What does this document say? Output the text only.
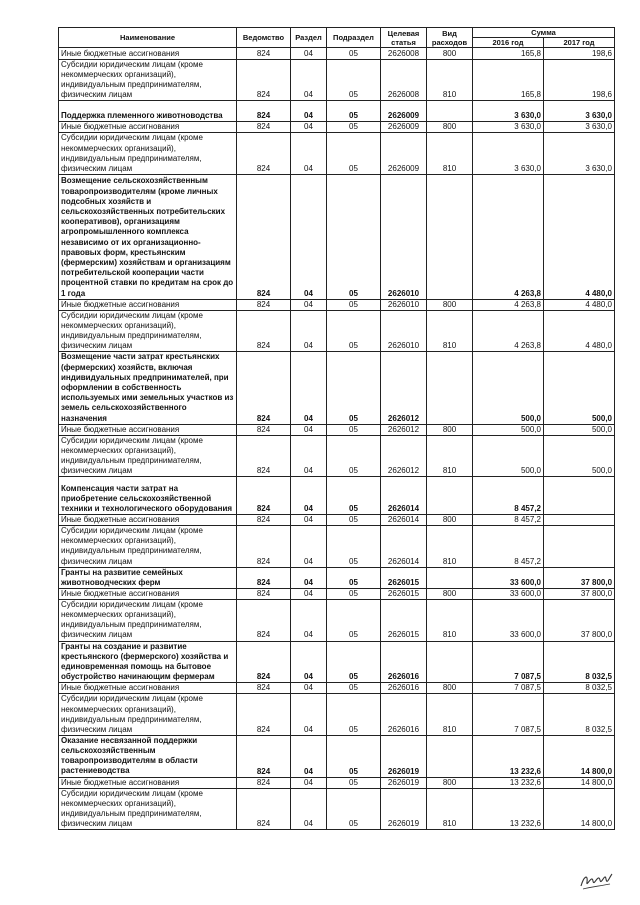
Наименование	Ведомство	Раздел	Подраздел	Целевая статья	Вид расходов	Сумма	
						2016 год	2017 год
Иные бюджетные ассигнования	824	04	05	2626008	800	165,8	198,6
Субсидии юридическим лицам (кроме некоммерческих организаций), индивидуальным предпринимателям, физическим лицам	824	04	05	2626008	810	165,8	198,6
Поддержка племенного животноводства	824	04	05	2626009		3 630,0	3 630,0
Иные бюджетные ассигнования	824	04	05	2626009	800	3 630,0	3 630,0
Субсидии юридическим лицам (кроме некоммерческих организаций), индивидуальным предпринимателям, физическим лицам	824	04	05	2626009	810	3 630,0	3 630,0
Возмещение сельскохозяйственным товаропроизводителям (кроме личных подсобных хозяйств и сельскохозяйственных потребительских кооперативов), организациям агропромышленного комплекса независимо от их организационно-правовых форм, крестьянским (фермерским) хозяйствам и организациям потребительской кооперации части процентной ставки по кредитам на срок до 1 года	824	04	05	2626010		4 263,8	4 480,0
Иные бюджетные ассигнования	824	04	05	2626010	800	4 263,8	4 480,0
Субсидии юридическим лицам (кроме некоммерческих организаций), индивидуальным предпринимателям, физическим лицам	824	04	05	2626010	810	4 263,8	4 480,0
Возмещение части затрат крестьянских (фермерских) хозяйств, включая индивидуальных предпринимателей, при оформлении в собственность используемых ими земельных участков из земель сельскохозяйственного назначения	824	04	05	2626012		500,0	500,0
Иные бюджетные ассигнования	824	04	05	2626012	800	500,0	500,0
Субсидии юридическим лицам (кроме некоммерческих организаций), индивидуальным предпринимателям, физическим лицам	824	04	05	2626012	810	500,0	500,0
Компенсация части затрат на приобретение сельскохозяйственной техники и технологического оборудования	824	04	05	2626014		8 457,2	
Иные бюджетные ассигнования	824	04	05	2626014	800	8 457,2	
Субсидии юридическим лицам (кроме некоммерческих организаций), индивидуальным предпринимателям, физическим лицам	824	04	05	2626014	810	8 457,2	
Гранты на развитие семейных животноводческих ферм	824	04	05	2626015		33 600,0	37 800,0
Иные бюджетные ассигнования	824	04	05	2626015	800	33 600,0	37 800,0
Субсидии юридическим лицам (кроме некоммерческих организаций), индивидуальным предпринимателям, физическим лицам	824	04	05	2626015	810	33 600,0	37 800,0
Гранты на создание и развитие крестьянского (фермерского) хозяйства и единовременная помощь на бытовое обустройство начинающим фермерам	824	04	05	2626016		7 087,5	8 032,5
Иные бюджетные ассигнования	824	04	05	2626016	800	7 087,5	8 032,5
Субсидии юридическим лицам (кроме некоммерческих организаций), индивидуальным предпринимателям, физическим лицам	824	04	05	2626016	810	7 087,5	8 032,5
Оказание несвязанной поддержки сельскохозяйственным товаропроизводителям в области растениеводства	824	04	05	2626019		13 232,6	14 800,0
Иные бюджетные ассигнования	824	04	05	2626019	800	13 232,6	14 800,0
Субсидии юридическим лицам (кроме некоммерческих организаций), индивидуальным предпринимателям, физическим лицам	824	04	05	2626019	810	13 232,6	14 800,0
